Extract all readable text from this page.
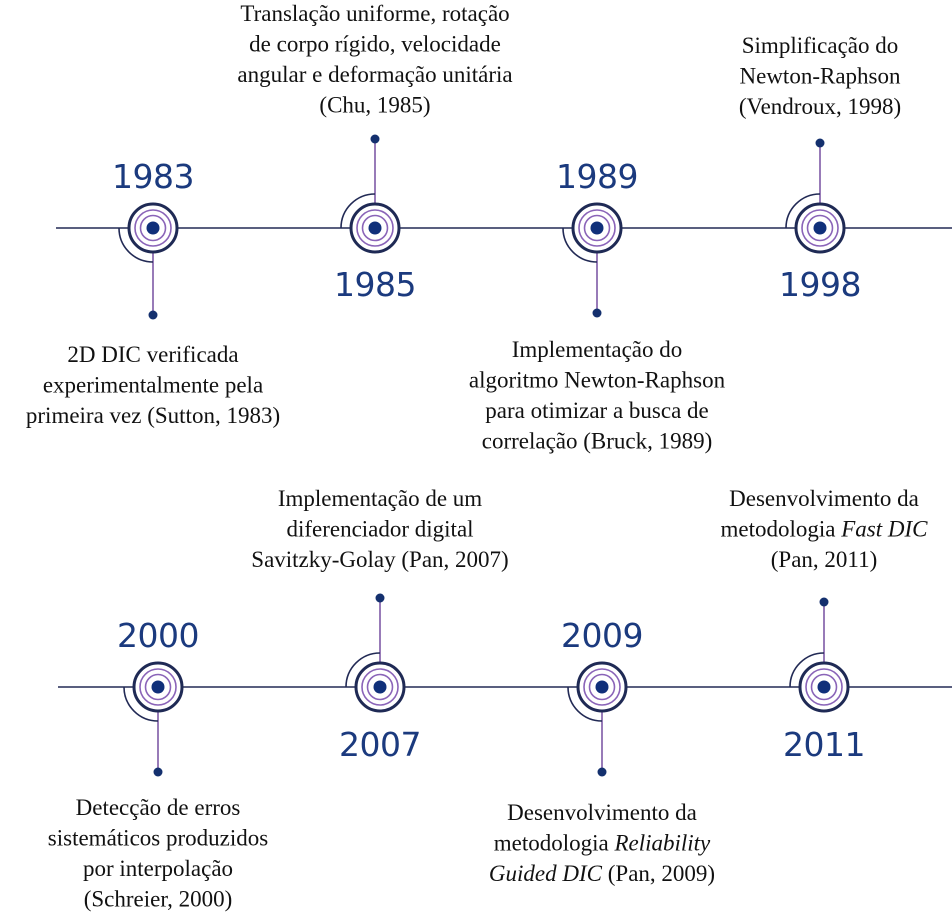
1983
2D DIC verificada experimentalmente pela primeira vez (Sutton, 1983)
1985
Translação uniforme, rotação de corpo rígido, velocidade angular e deformação unitária (Chu, 1985)
1989
Implementação do algoritmo Newton-Raphson para otimizar a busca de correlação (Bruck, 1989)
1998
Simplificação do Newton-Raphson (Vendroux, 1998)
2000
Detecção de erros sistemáticos produzidos por interpolação (Schreier, 2000)
2007
Implementação de um diferenciador digital Savitzky-Golay (Pan, 2007)
2009
Desenvolvimento da metodologia Reliability Guided DIC (Pan, 2009)
2011
Desenvolvimento da metodologia Fast DIC (Pan, 2011)
